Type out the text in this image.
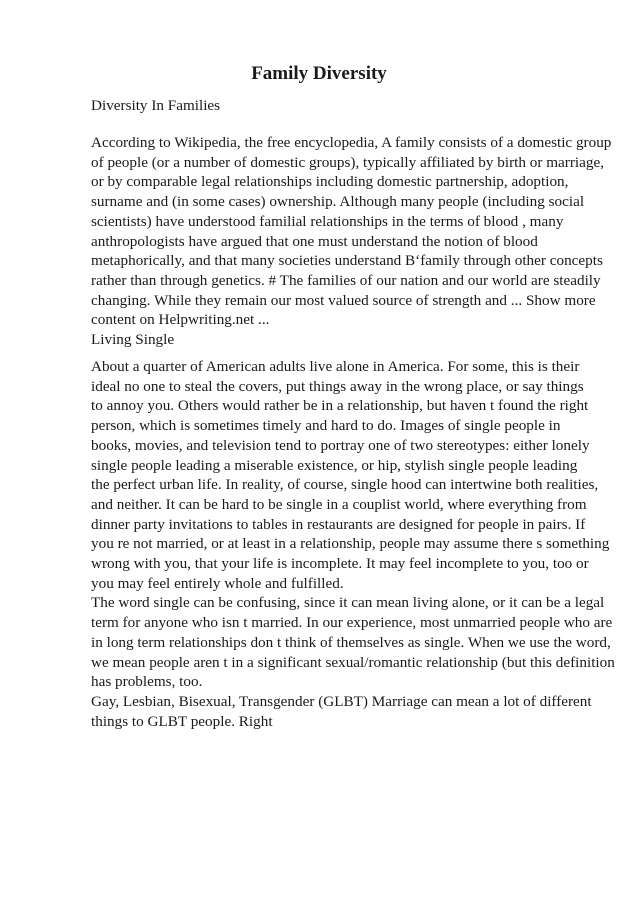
Family Diversity

Diversity In Families

According to Wikipedia, the free encyclopedia, A family consists of a domestic group
of people (or a number of domestic groups), typically affiliated by birth or marriage,
or by comparable legal relationships including domestic partnership, adoption,
surname and (in some cases) ownership. Although many people (including social
scientists) have understood familial relationships in the terms of blood , many
anthropologists have argued that one must understand the notion of blood
metaphorically, and that many societies understand B‘family through other concepts
rather than through genetics. # The families of our nation and our world are steadily
changing. While they remain our most valued source of strength and ... Show more
content on Helpwriting.net ...
Living Single

About a quarter of American adults live alone in America. For some, this is their
ideal no one to steal the covers, put things away in the wrong place, or say things
to annoy you. Others would rather be in a relationship, but haven t found the right
person, which is sometimes timely and hard to do. Images of single people in
books, movies, and television tend to portray one of two stereotypes: either lonely
single people leading a miserable existence, or hip, stylish single people leading
the perfect urban life. In reality, of course, single hood can intertwine both realities,
and neither. It can be hard to be single in a couplist world, where everything from
dinner party invitations to tables in restaurants are designed for people in pairs. If
you re not married, or at least in a relationship, people may assume there s something
wrong with you, that your life is incomplete. It may feel incomplete to you, too or
you may feel entirely whole and fulfilled.
The word single can be confusing, since it can mean living alone, or it can be a legal
term for anyone who isn t married. In our experience, most unmarried people who are
in long term relationships don t think of themselves as single. When we use the word,
we mean people aren t in a significant sexual/romantic relationship (but this definition
has problems, too.
Gay, Lesbian, Bisexual, Transgender (GLBT) Marriage can mean a lot of different
things to GLBT people. Right
